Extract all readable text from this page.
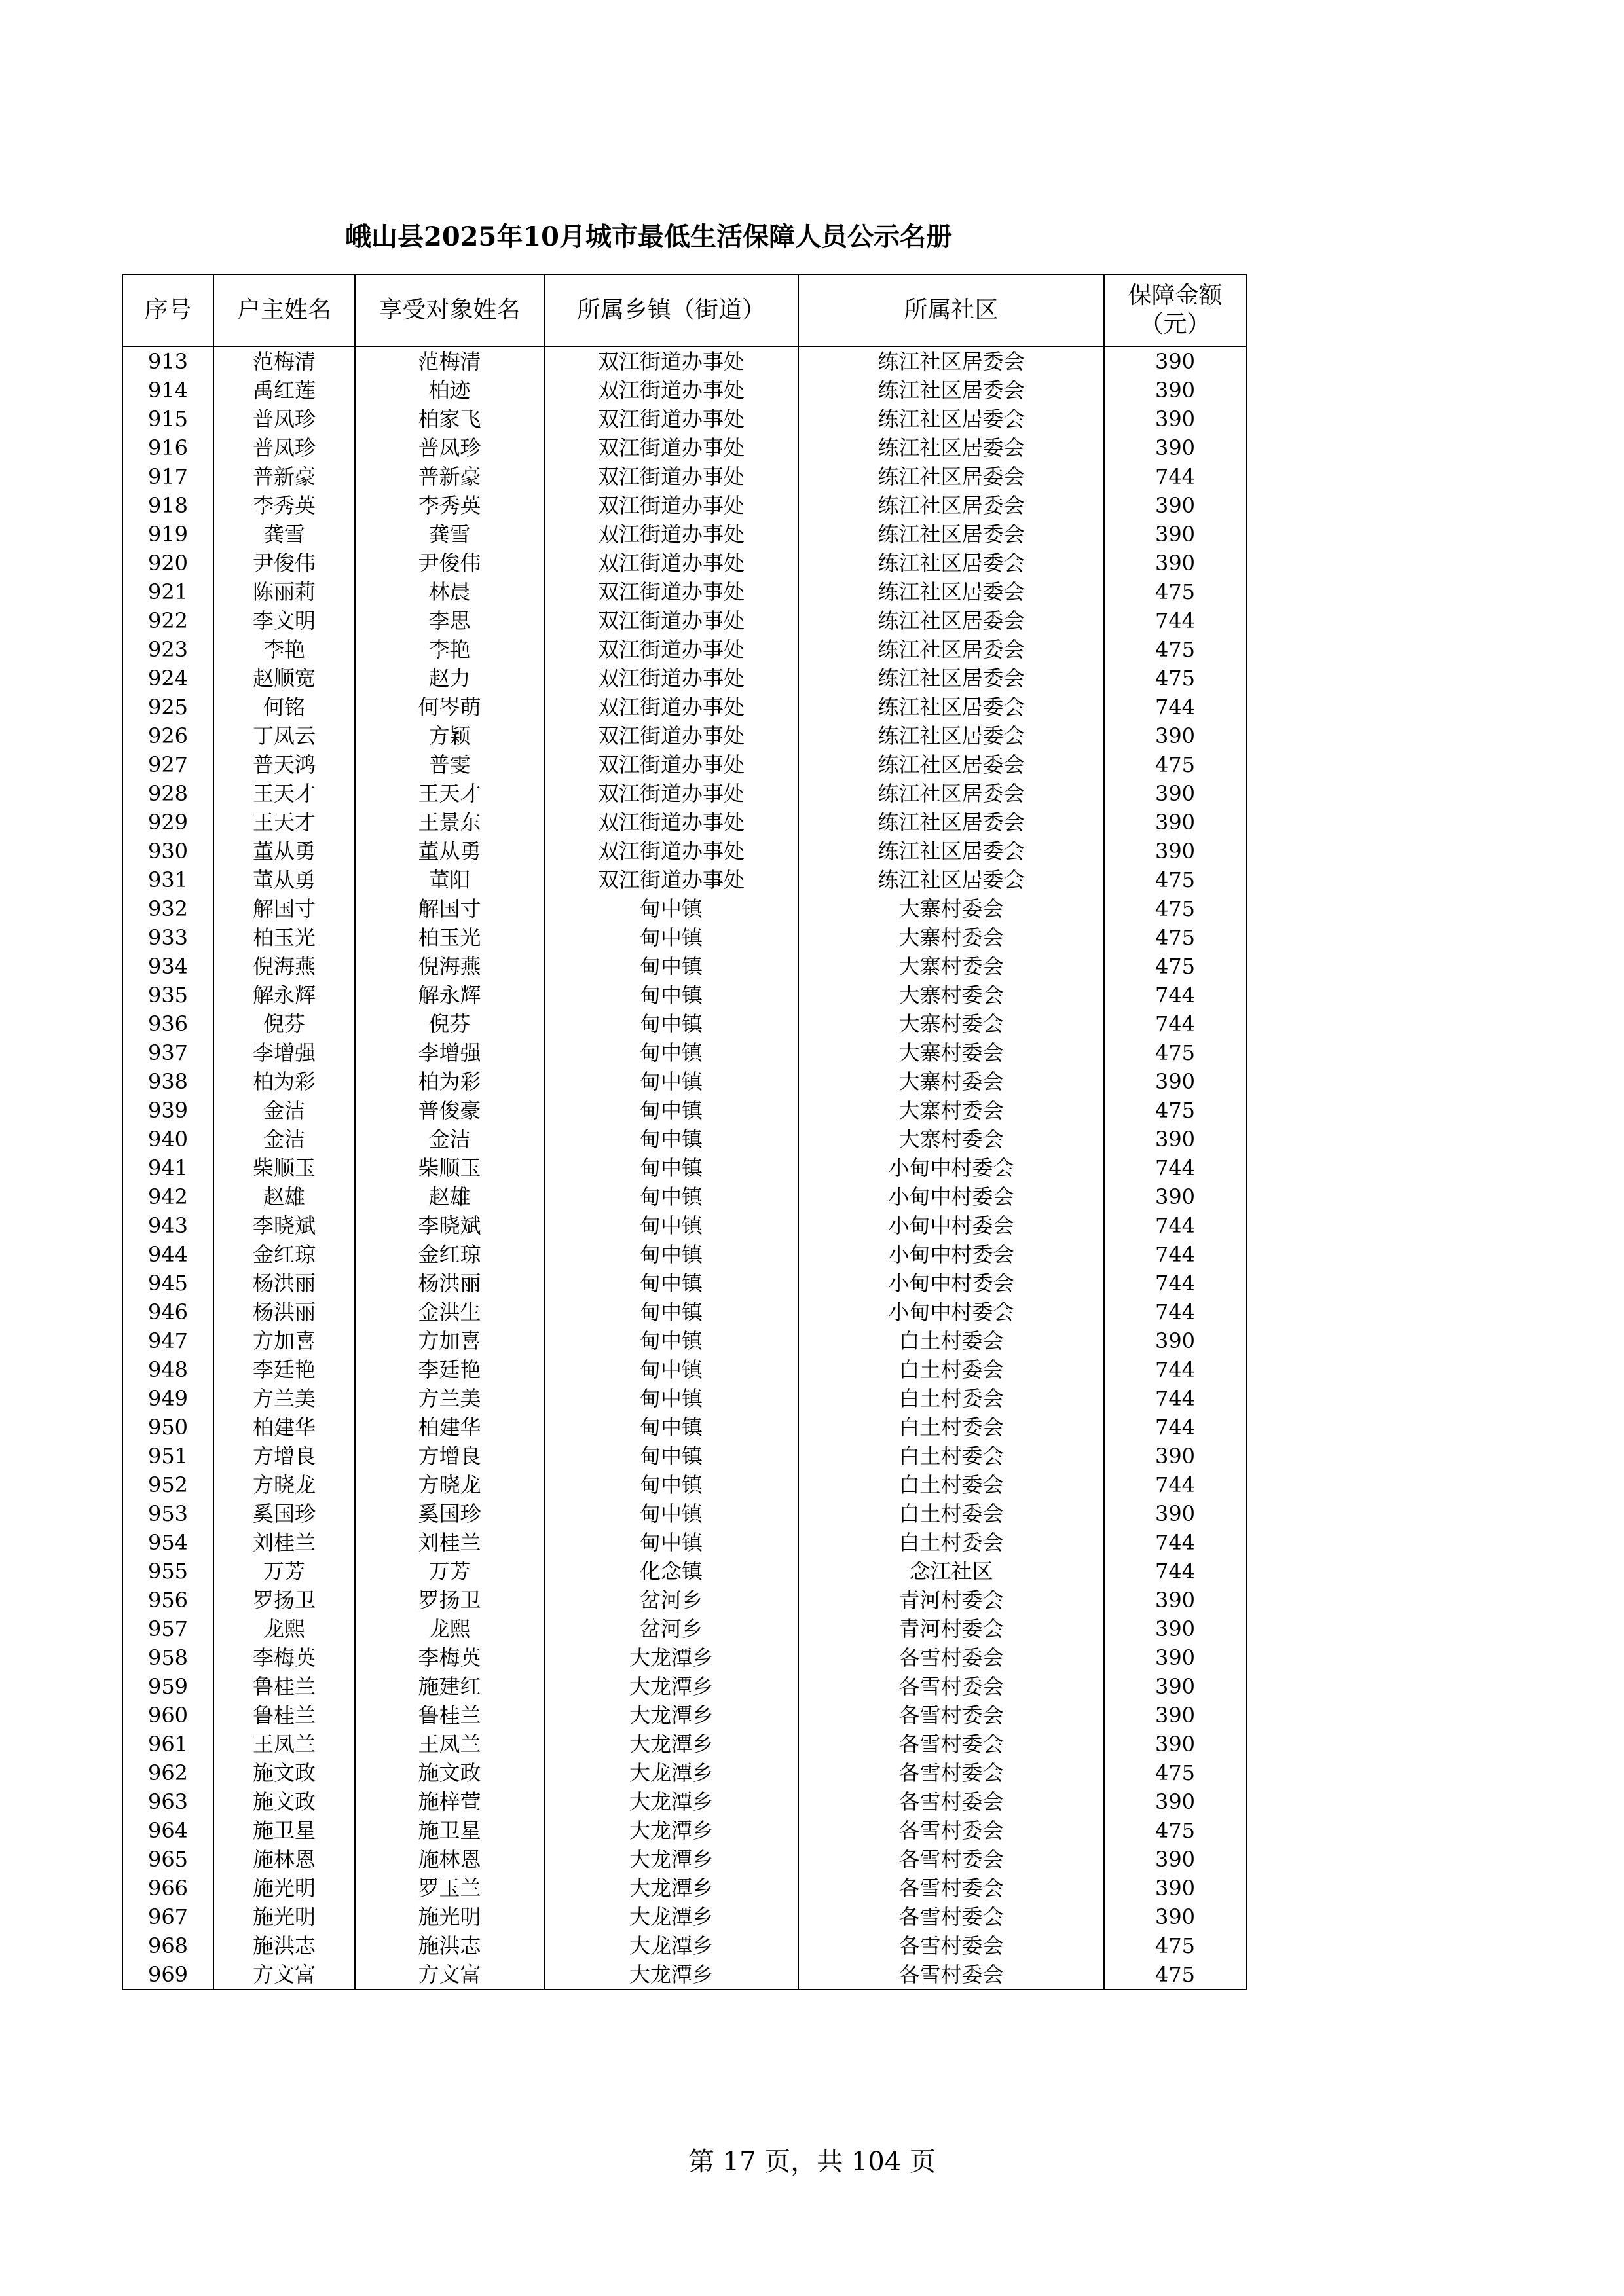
峨山县2025年10月城市最低生活保障人员公示名册
序号	户主姓名	享受对象姓名	所属乡镇（街道）	所属社区	保障金额
（元）
913	范梅清	范梅清	双江街道办事处	练江社区居委会	390
914	禹红莲	柏迹	双江街道办事处	练江社区居委会	390
915	普凤珍	柏家飞	双江街道办事处	练江社区居委会	390
916	普凤珍	普凤珍	双江街道办事处	练江社区居委会	390
917	普新豪	普新豪	双江街道办事处	练江社区居委会	744
918	李秀英	李秀英	双江街道办事处	练江社区居委会	390
919	龚雪	龚雪	双江街道办事处	练江社区居委会	390
920	尹俊伟	尹俊伟	双江街道办事处	练江社区居委会	390
921	陈丽莉	林晨	双江街道办事处	练江社区居委会	475
922	李文明	李思	双江街道办事处	练江社区居委会	744
923	李艳	李艳	双江街道办事处	练江社区居委会	475
924	赵顺宽	赵力	双江街道办事处	练江社区居委会	475
925	何铭	何岑萌	双江街道办事处	练江社区居委会	744
926	丁凤云	方颖	双江街道办事处	练江社区居委会	390
927	普天鸿	普雯	双江街道办事处	练江社区居委会	475
928	王天才	王天才	双江街道办事处	练江社区居委会	390
929	王天才	王景东	双江街道办事处	练江社区居委会	390
930	董从勇	董从勇	双江街道办事处	练江社区居委会	390
931	董从勇	董阳	双江街道办事处	练江社区居委会	475
932	解国寸	解国寸	甸中镇	大寨村委会	475
933	柏玉光	柏玉光	甸中镇	大寨村委会	475
934	倪海燕	倪海燕	甸中镇	大寨村委会	475
935	解永辉	解永辉	甸中镇	大寨村委会	744
936	倪芬	倪芬	甸中镇	大寨村委会	744
937	李增强	李增强	甸中镇	大寨村委会	475
938	柏为彩	柏为彩	甸中镇	大寨村委会	390
939	金洁	普俊豪	甸中镇	大寨村委会	475
940	金洁	金洁	甸中镇	大寨村委会	390
941	柴顺玉	柴顺玉	甸中镇	小甸中村委会	744
942	赵雄	赵雄	甸中镇	小甸中村委会	390
943	李晓斌	李晓斌	甸中镇	小甸中村委会	744
944	金红琼	金红琼	甸中镇	小甸中村委会	744
945	杨洪丽	杨洪丽	甸中镇	小甸中村委会	744
946	杨洪丽	金洪生	甸中镇	小甸中村委会	744
947	方加喜	方加喜	甸中镇	白土村委会	390
948	李廷艳	李廷艳	甸中镇	白土村委会	744
949	方兰美	方兰美	甸中镇	白土村委会	744
950	柏建华	柏建华	甸中镇	白土村委会	744
951	方增良	方增良	甸中镇	白土村委会	390
952	方晓龙	方晓龙	甸中镇	白土村委会	744
953	奚国珍	奚国珍	甸中镇	白土村委会	390
954	刘桂兰	刘桂兰	甸中镇	白土村委会	744
955	万芳	万芳	化念镇	念江社区	744
956	罗扬卫	罗扬卫	岔河乡	青河村委会	390
957	龙熙	龙熙	岔河乡	青河村委会	390
958	李梅英	李梅英	大龙潭乡	各雪村委会	390
959	鲁桂兰	施建红	大龙潭乡	各雪村委会	390
960	鲁桂兰	鲁桂兰	大龙潭乡	各雪村委会	390
961	王凤兰	王凤兰	大龙潭乡	各雪村委会	390
962	施文政	施文政	大龙潭乡	各雪村委会	475
963	施文政	施梓萱	大龙潭乡	各雪村委会	390
964	施卫星	施卫星	大龙潭乡	各雪村委会	475
965	施林恩	施林恩	大龙潭乡	各雪村委会	390
966	施光明	罗玉兰	大龙潭乡	各雪村委会	390
967	施光明	施光明	大龙潭乡	各雪村委会	390
968	施洪志	施洪志	大龙潭乡	各雪村委会	475
969	方文富	方文富	大龙潭乡	各雪村委会	475
第 17 页，共 104 页
